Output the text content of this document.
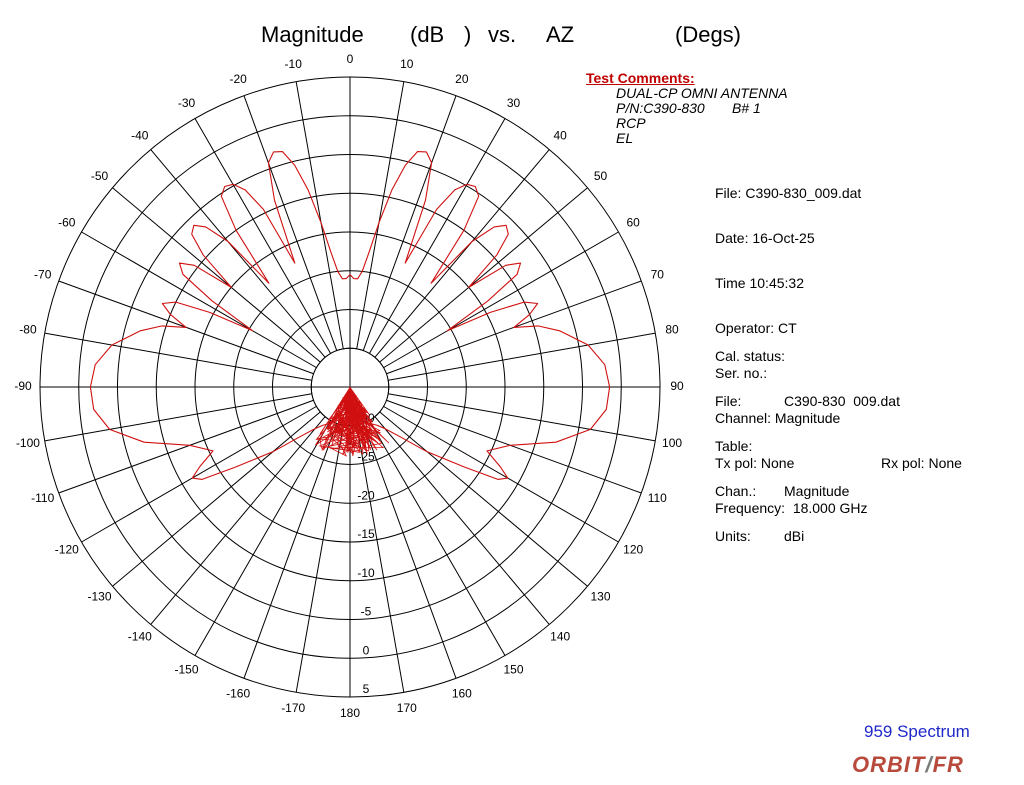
Magnitude

(dB

)

vs.

AZ

	(Degs)

0	10
20
30
40
50
60
70
80
90
100
110
120
130
140
150
160
170
180
-170
-160
-150
-140
-130
-120
-110
-100
-90
-80
-70
-60
-50
-40
-30
-20
-10
-30
-25
-20
-15
-10
-5
0
5
Test Comments:
DUAL-CP OMNI ANTENNA
P/N:C390-830       B# 1
RCP
EL

File: C390-830_009.dat

Date: 16-Oct-25

Time 10:45:32

Operator: CT

Ser. no.:

Channel: Magnitude

Tx pol: None

	Rx pol: None

Frequency:  18.000 GHz

Cal. status:

File:

	C390-830  009.dat

Table:

Chan.:

Magnitude

Units:

dBi

959 Spectrum
ORBIT/FR
